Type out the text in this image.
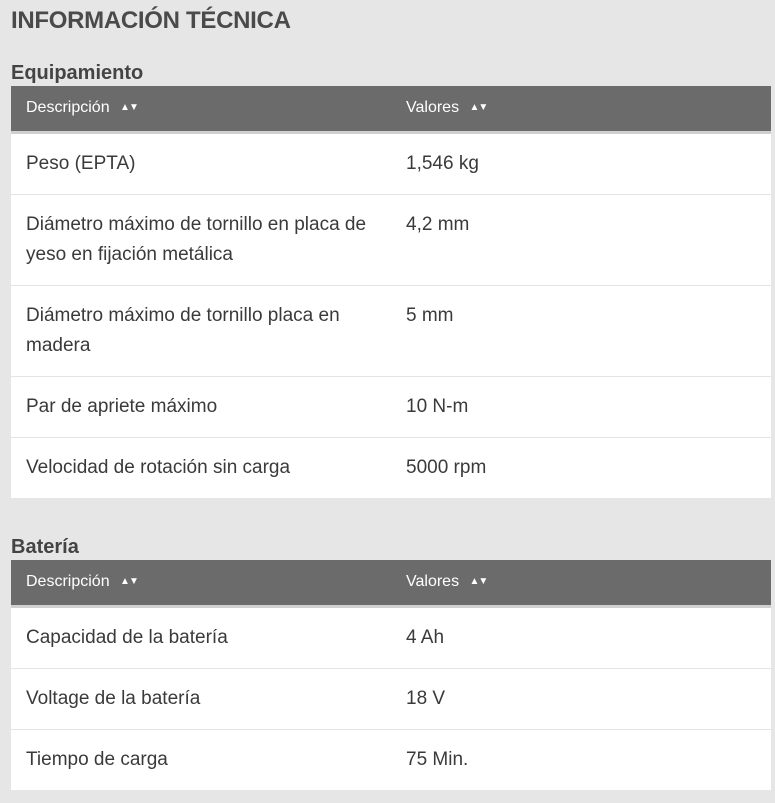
INFORMACIÓN TÉCNICA
Equipamiento
Descripción ▲▼	Valores ▲▼
Peso (EPTA)	1,546 kg
Diámetro máximo de tornillo en placa de yeso en fijación metálica	4,2 mm
Diámetro máximo de tornillo placa en madera	5 mm
Par de apriete máximo	10 N-m
Velocidad de rotación sin carga	5000 rpm
Batería
Descripción ▲▼	Valores ▲▼
Capacidad de la batería	4 Ah
Voltage de la batería	18 V
Tiempo de carga	75 Min.
